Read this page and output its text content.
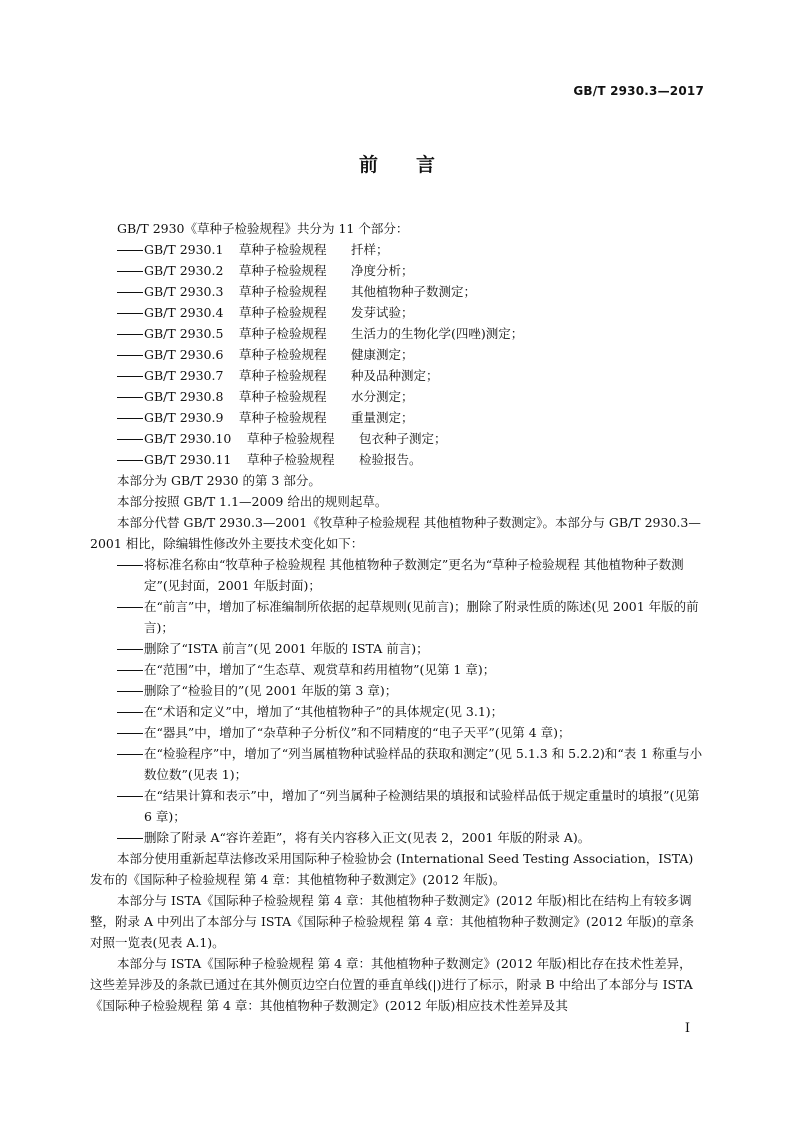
GB/T 2930.3—2017
前 言

GB/T 2930《草种子检验规程》共分为 11 个部分：

GB/T 2930.1 草种子检验规程 扦样；

GB/T 2930.2 草种子检验规程 净度分析；

GB/T 2930.3 草种子检验规程 其他植物种子数测定；

GB/T 2930.4 草种子检验规程 发芽试验；

GB/T 2930.5 草种子检验规程 生活力的生物化学(四唑)测定；

GB/T 2930.6 草种子检验规程 健康测定；

GB/T 2930.7 草种子检验规程 种及品种测定；

GB/T 2930.8 草种子检验规程 水分测定；

GB/T 2930.9 草种子检验规程 重量测定；

GB/T 2930.10 草种子检验规程 包衣种子测定；

GB/T 2930.11 草种子检验规程 检验报告。

本部分为 GB/T 2930 的第 3 部分。

本部分按照 GB/T 1.1—2009 给出的规则起草。

本部分代替 GB/T 2930.3—2001《牧草种子检验规程 其他植物种子数测定》。本部分与 GB/T 2930.3—2001 相比，除编辑性修改外主要技术变化如下：

将标准名称由“牧草种子检验规程 其他植物种子数测定”更名为“草种子检验规程 其他植物种子数测定”(见封面，2001 年版封面)；

在“前言”中，增加了标准编制所依据的起草规则(见前言)；删除了附录性质的陈述(见 2001 年版的前言)；

删除了“ISTA 前言”(见 2001 年版的 ISTA 前言)；

在“范围”中，增加了“生态草、观赏草和药用植物”(见第 1 章)；

删除了“检验目的”(见 2001 年版的第 3 章)；

在“术语和定义”中，增加了“其他植物种子”的具体规定(见 3.1)；

在“器具”中，增加了“杂草种子分析仪”和不同精度的“电子天平”(见第 4 章)；

在“检验程序”中，增加了“列当属植物种试验样品的获取和测定”(见 5.1.3 和 5.2.2)和“表 1 称重与小数位数”(见表 1)；

在“结果计算和表示”中，增加了“列当属种子检测结果的填报和试验样品低于规定重量时的填报”(见第 6 章)；

删除了附录 A“容许差距”，将有关内容移入正文(见表 2，2001 年版的附录 A)。

本部分使用重新起草法修改采用国际种子检验协会 (International Seed Testing Association，ISTA)发布的《国际种子检验规程 第 4 章：其他植物种子数测定》(2012 年版)。

本部分与 ISTA《国际种子检验规程 第 4 章：其他植物种子数测定》(2012 年版)相比在结构上有较多调整，附录 A 中列出了本部分与 ISTA《国际种子检验规程 第 4 章：其他植物种子数测定》(2012 年版)的章条对照一览表(见表 A.1)。

本部分与 ISTA《国际种子检验规程 第 4 章：其他植物种子数测定》(2012 年版)相比存在技术性差异，这些差异涉及的条款已通过在其外侧页边空白位置的垂直单线(|)进行了标示，附录 B 中给出了本部分与 ISTA《国际种子检验规程 第 4 章：其他植物种子数测定》(2012 年版)相应技术性差异及其

I
